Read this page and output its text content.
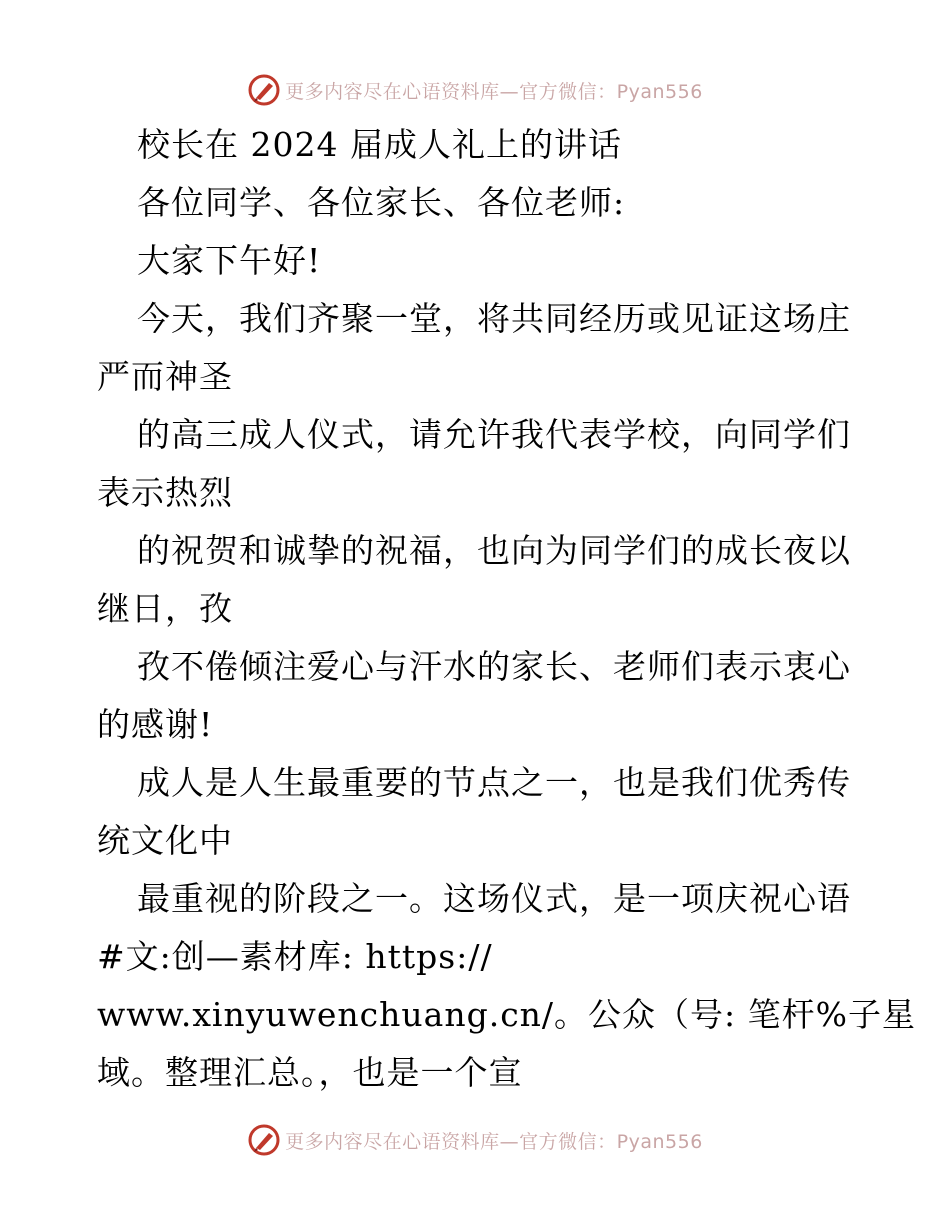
更多内容尽在心语资料库—官方微信：Pyan556
校长在 2024 届成人礼上的讲话
各位同学、各位家长、各位老师:
大家下午好!
今天，我们齐聚一堂，将共同经历或见证这场庄
严而神圣
的高三成人仪式，请允许我代表学校，向同学们
表示热烈
的祝贺和诚挚的祝福，也向为同学们的成长夜以
继日，孜
孜不倦倾注爱心与汗水的家长、老师们表示衷心
的感谢!
成人是人生最重要的节点之一，也是我们优秀传
统文化中
最重视的阶段之一。这场仪式，是一项庆祝心语
#文:创—素材库: https://
www.xinyuwenchuang.cn/。公众（号: 笔杆%子星
域。整理汇总。，也是一个宣
更多内容尽在心语资料库—官方微信：Pyan556
